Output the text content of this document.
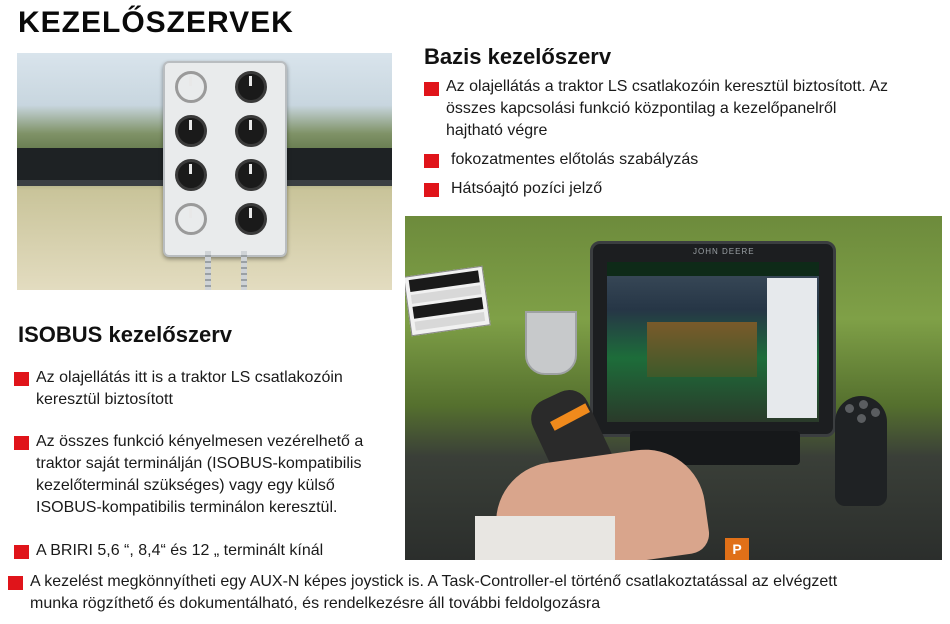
KEZELŐSZERVEK
Bazis kezelőszerv
Az olajellátás a traktor LS csatlakozóin keresztül biztosított. Az
összes kapcsolási funkció központilag a kezelőpanelről
hajtható végre
fokozatmentes előtolás szabályzás
Hátsóajtó pozíci jelző
JOHN DEERE
P
ISOBUS kezelőszerv
Az olajellátás itt is a traktor LS csatlakozóin
keresztül biztosított
Az összes funkció kényelmesen vezérelhető a
traktor saját terminálján (ISOBUS-kompatibilis
kezelőterminál szükséges) vagy egy külső
ISOBUS-kompatibilis terminálon keresztül.
A BRIRI 5,6 “, 8,4“ és 12 „ terminált kínál
A kezelést megkönnyítheti egy AUX-N képes joystick is. A Task-Controller-el történő csatlakoztatással az elvégzett
munka rögzíthető és dokumentálható, és rendelkezésre áll további feldolgozásra
